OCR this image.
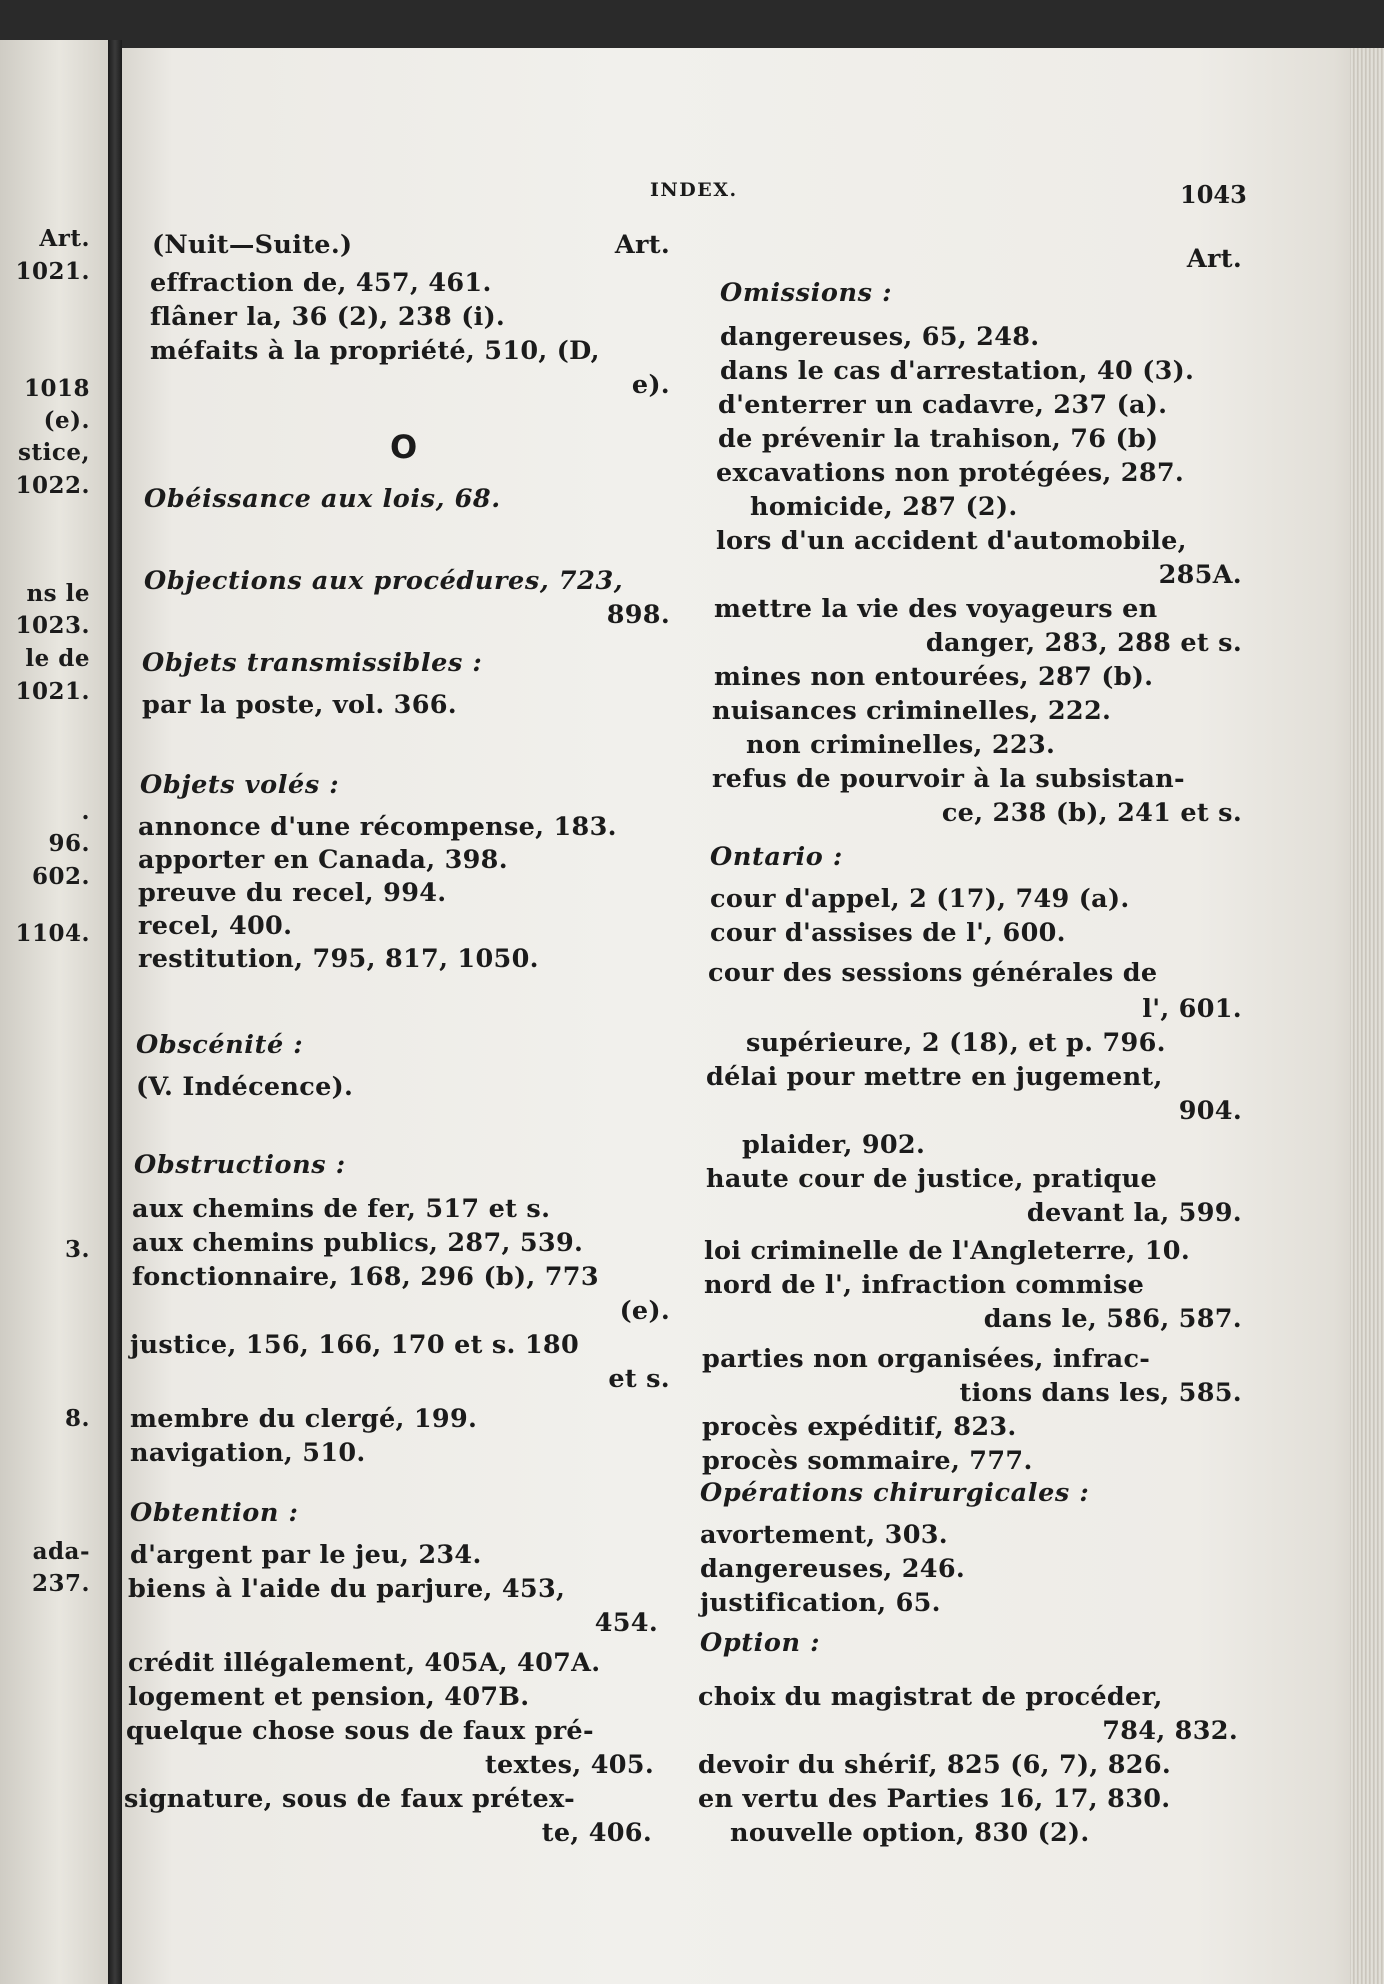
Art.
1021.
1018
(e).
stice,
1022.
ns le
1023.
le de
1021.
.
96.
602.
1104.
3.
8.
ada-
237.
INDEX.	1043
(Nuit—Suite.)	Art.
effraction de, 457, 461.
flâner la, 36 (2), 238 (i).
méfaits à la propriété, 510, (D,
e).
O
Obéissance aux lois, 68.
Objections aux procédures, 723,
898.
Objets transmissibles :
par la poste, vol. 366.
Objets volés :
annonce d'une récompense, 183.
apporter en Canada, 398.
preuve du recel, 994.
recel, 400.
restitution, 795, 817, 1050.
Obscénité :
(V. Indécence).
Obstructions :
aux chemins de fer, 517 et s.
aux chemins publics, 287, 539.
fonctionnaire, 168, 296 (b), 773
(e).
justice, 156, 166, 170 et s. 180
et s.
membre du clergé, 199.
navigation, 510.
Obtention :
d'argent par le jeu, 234.
biens à l'aide du parjure, 453,
454.
crédit illégalement, 405A, 407A.
logement et pension, 407B.
quelque chose sous de faux pré-
textes, 405.
signature, sous de faux prétex-
te, 406.
Art.
Omissions :
dangereuses, 65, 248.
dans le cas d'arrestation, 40 (3).
d'enterrer un cadavre, 237 (a).
de prévenir la trahison, 76 (b)
excavations non protégées, 287.
homicide, 287 (2).
lors d'un accident d'automobile,
285A.
mettre la vie des voyageurs en
danger, 283, 288 et s.
mines non entourées, 287 (b).
nuisances criminelles, 222.
non criminelles, 223.
refus de pourvoir à la subsistan-
ce, 238 (b), 241 et s.
Ontario :
cour d'appel, 2 (17), 749 (a).
cour d'assises de l', 600.
cour des sessions générales de
l', 601.
supérieure, 2 (18), et p. 796.
délai pour mettre en jugement,
904.
plaider, 902.
haute cour de justice, pratique
devant la, 599.
loi criminelle de l'Angleterre, 10.
nord de l', infraction commise
dans le, 586, 587.
parties non organisées, infrac-
tions dans les, 585.
procès expéditif, 823.
procès sommaire, 777.
Opérations chirurgicales :
avortement, 303.
dangereuses, 246.
justification, 65.
Option :
choix du magistrat de procéder,
784, 832.
devoir du shérif, 825 (6, 7), 826.
en vertu des Parties 16, 17, 830.
nouvelle option, 830 (2).
